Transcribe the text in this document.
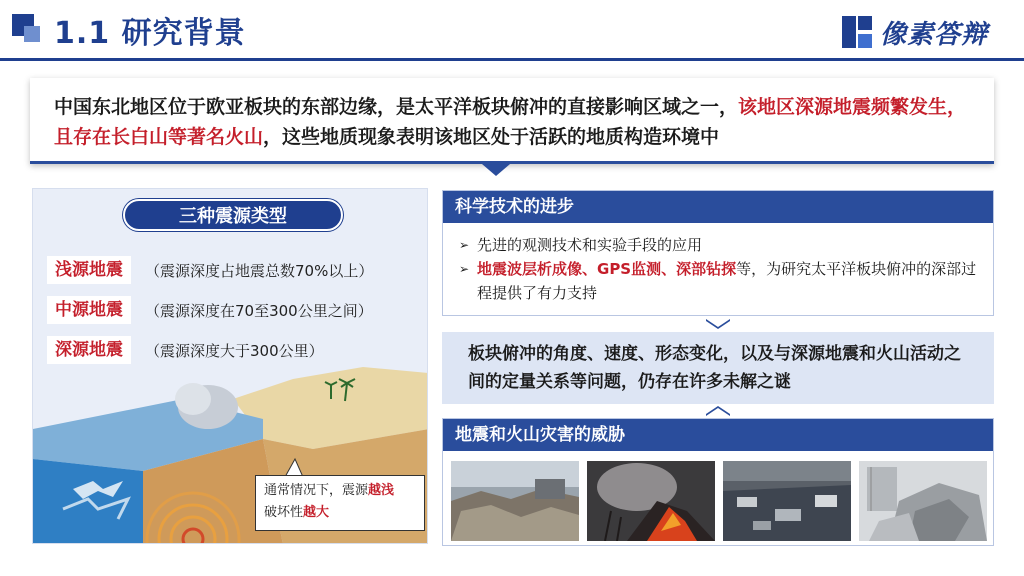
1.1 研究背景	像素答辩
中国东北地区位于欧亚板块的东部边缘，是太平洋板块俯冲的直接影响区域之一，该地区深源地震频繁发生，且存在长白山等著名火山，这些地质现象表明该地区处于活跃的地质构造环境中
三种震源类型
浅源地震	（震源深度占地震总数70%以上）
中源地震	（震源深度在70至300公里之间）
深源地震	（震源深度大于300公里）
通常情况下，震源越浅
破坏性越大
科学技术的进步
➢ 先进的观测技术和实验手段的应用
➢ 地震波层析成像、GPS监测、深部钻探等，为研究太平洋板块俯冲的深部过程提供了有力支持
板块俯冲的角度、速度、形态变化，以及与深源地震和火山活动之间的定量关系等问题，仍存在许多未解之谜
地震和火山灾害的威胁
